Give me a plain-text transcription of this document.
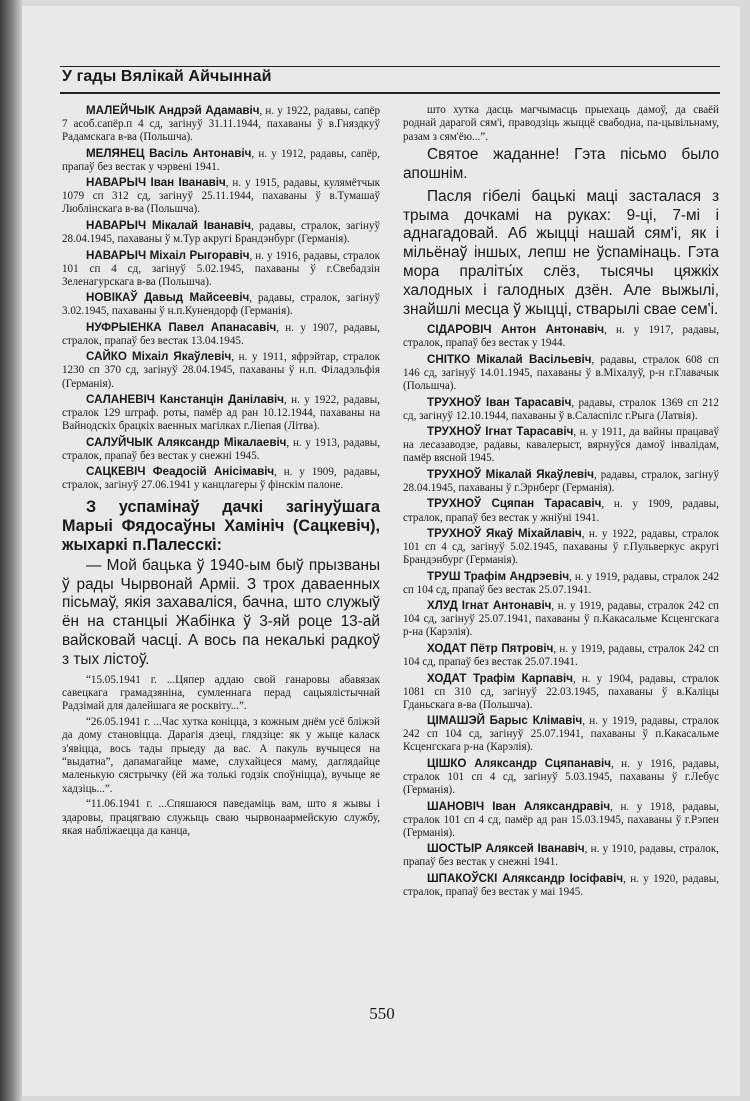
У гады Вялікай Айчыннай

МАЛЕЙЧЫК Андрэй Адамавіч, н. у 1922, радавы, сапёр 7 асоб.сапёр.п 4 сд, загінуў 31.11.1944, пахаваны ў в.Гняздкуў Радамскага в-ва (Польшча).

МЕЛЯНЕЦ Васіль Антонавіч, н. у 1912, радавы, сапёр, прапаў без вестак у чэрвені 1941.

НАВАРЫЧ Іван Іванавіч, н. у 1915, радавы, кулямётчык 1079 сп 312 сд, загінуў 25.11.1944, пахаваны ў в.Тумашаў Люблінскага в-ва (Польшча).

НАВАРЫЧ Мікалай Іванавіч, радавы, стралок, загінуў 28.04.1945, пахаваны ў м.Тур акругі Брандэнбург (Германія).

НАВАРЫЧ Міхаіл Рыгоравіч, н. у 1916, радавы, стралок 101 сп 4 сд, загінуў 5.02.1945, пахаваны ў г.Свебадзін Зеленагурскага в-ва (Польшча).

НОВІКАЎ Давыд Майсеевіч, радавы, стралок, загінуў 3.02.1945, пахаваны ў н.п.Кунендорф (Германія).

НУФРЫЕНКА Павел Апанасавіч, н. у 1907, радавы, стралок, прапаў без вестак 13.04.1945.

САЙКО Міхаіл Якаўлевіч, н. у 1911, яфрэйтар, стралок 1230 сп 370 сд, загінуў 28.04.1945, пахаваны ў н.п. Філадэльфія (Германія).

САЛАНЕВІЧ Канстанцін Данілавіч, н. у 1922, радавы, стралок 129 штраф. роты, памёр ад ран 10.12.1944, пахаваны на Вайнодскіх брацкіх ваенных магілках г.Ліепая (Літва).

САЛУЙЧЫК Аляксандр Мікалаевіч, н. у 1913, радавы, стралок, прапаў без вестак у снежні 1945.

САЦКЕВІЧ Феадосій Анісімавіч, н. у 1909, радавы, стралок, загінуў 27.06.1941 у канцлагеры ў фінскім палоне.

З успамінаў дачкі загінуўшага Марыі Фядосаўны Хамініч (Сацкевіч), жыхаркі п.Палесскі:

— Мой бацька ў 1940-ым быў прызваны ў рады Чырвонай Арміі. З трох даваенных пісьмаў, якія захаваліся, бачна, што служыў ён на станцыі Жабінка ў 3-яй роце 13-ай вайсковай часці. А вось па некалькі радкоў з тых лістоў.

“15.05.1941 г. ...Цяпер аддаю свой ганаровы абавязак савецкага грамадзяніна, сумленнага перад сацыялістычнай Радзімай для далейшага яе росквіту...”.

“26.05.1941 г. ...Час хутка коніцца, з кожным днём усё бліжэй да дому становіцца. Дарагія дзеці, глядзіце: як у жыце каласк з'явіцца, вось тады прыеду да вас. А пакуль вучыцеся на “выдатна”, дапамагайце маме, слухайцеся маму, даглядайце маленькую сястрычку (ёй жа толькі годзік споўніцца), вучыце яе хадзіць...”.

“11.06.1941 г. ...Спяшаюся паведаміць вам, што я жывы і здаровы, працягваю служыць сваю чырвонаармейскую службу, якая набліжаецца да канца,

што хутка дасць магчымасць прыехаць дамоў, да сваёй роднай дарагой сям'і, праводзіць жыццё свабодна, па-цывільнаму, разам з сям'ёю...”.

Святое жаданне! Гэта пісьмо было апошнім.

Пасля гібелі бацькі маці засталася з трыма дочкамі на руках: 9-ці, 7-мі і аднагадовай. Аб жыцці нашай сям'і, як і мільёнаў іншых, лепш не ўспамінаць. Гэта мора праліты́х слёз, тысячы цяжкіх халодных і галодных дзён. Але выжылі, знайшлі месца ў жыцці, стварылі свае сем'і.

СІДАРОВІЧ Антон Антонавіч, н. у 1917, радавы, стралок, прапаў без вестак у 1944.

СНІТКО Мікалай Васільевіч, радавы, стралок 608 сп 146 сд, загінуў 14.01.1945, пахаваны ў в.Міхалуў, р-н г.Главачык (Польшча).

ТРУХНОЎ Іван Тарасавіч, радавы, стралок 1369 сп 212 сд, загінуў 12.10.1944, пахаваны ў в.Саласпілс г.Рыга (Латвія).

ТРУХНОЎ Ігнат Тарасавіч, н. у 1911, да вайны працаваў на лесазаводзе, радавы, кавалерыст, вярнуўся дамоў інвалідам, памёр вясной 1945.

ТРУХНОЎ Мікалай Якаўлевіч, радавы, стралок, загінуў 28.04.1945, пахаваны ў г.Эрнберг (Германія).

ТРУХНОЎ Сцяпан Тарасавіч, н. у 1909, радавы, стралок, прапаў без вестак у жніўні 1941.

ТРУХНОЎ Якаў Міхайлавіч, н. у 1922, радавы, стралок 101 сп 4 сд, загінуў 5.02.1945, пахаваны ў г.Пульверкус акругі Брандэнбург (Германія).

ТРУШ Трафім Андрэевіч, н. у 1919, радавы, стралок 242 сп 104 сд, прапаў без вестак 25.07.1941.

ХЛУД Ігнат Антонавіч, н. у 1919, радавы, стралок 242 сп 104 сд, загінуў 25.07.1941, пахаваны ў п.Какасальме Ксценгскага р-на (Карэлія).

ХОДАТ Пётр Пятровіч, н. у 1919, радавы, стралок 242 сп 104 сд, прапаў без вестак 25.07.1941.

ХОДАТ Трафім Карпавіч, н. у 1904, радавы, стралок 1081 сп 310 сд, загінуў 22.03.1945, пахаваны ў в.Каліцы Гданьскага в-ва (Польшча).

ЦІМАШЭЙ Барыс Клімавіч, н. у 1919, радавы, стралок 242 сп 104 сд, загінуў 25.07.1941, пахаваны ў п.Какасальме Ксценгскага р-на (Карэлія).

ЦІШКО Аляксандр Сцяпанавіч, н. у 1916, радавы, стралок 101 сп 4 сд, загінуў 5.03.1945, пахаваны ў г.Лебус (Германія).

ШАНОВІЧ Іван Аляксандравіч, н. у 1918, радавы, стралок 101 сп 4 сд, памёр ад ран 15.03.1945, пахаваны ў г.Рэпен (Германія).

ШОСТЫР Аляксей Іванавіч, н. у 1910, радавы, стралок, прапаў без вестак у снежні 1941.

ШПАКОЎСКІ Аляксандр Іосіфавіч, н. у 1920, радавы, стралок, прапаў без вестак у маі 1945.

550
